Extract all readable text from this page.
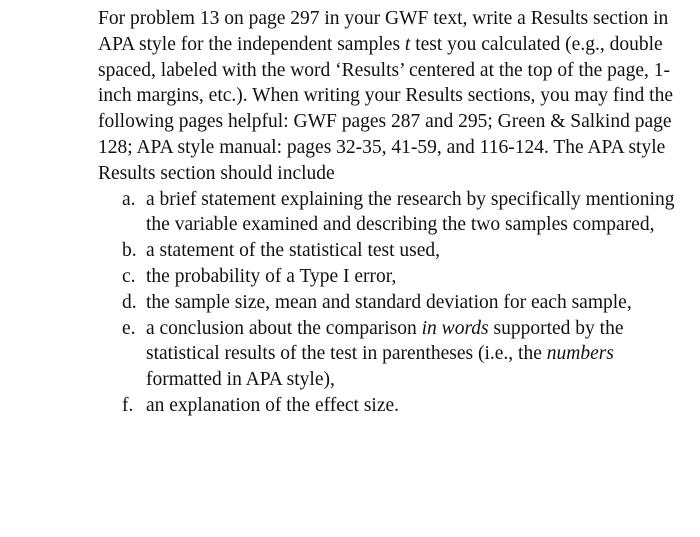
For problem 13 on page 297 in your GWF text, write a Results section in APA style for the independent samples t test you calculated (e.g., double spaced, labeled with the word ‘Results’ centered at the top of the page, 1-inch margins, etc.). When writing your Results sections, you may find the following pages helpful: GWF pages 287 and 295; Green & Salkind page 128; APA style manual: pages 32-35, 41-59, and 116-124. The APA style Results section should include

a. a brief statement explaining the research by specifically mentioning the variable examined and describing the two samples compared,
b. a statement of the statistical test used,
c. the probability of a Type I error,
d. the sample size, mean and standard deviation for each sample,
e. a conclusion about the comparison in words supported by the statistical results of the test in parentheses (i.e., the numbers formatted in APA style),
f. an explanation of the effect size.
